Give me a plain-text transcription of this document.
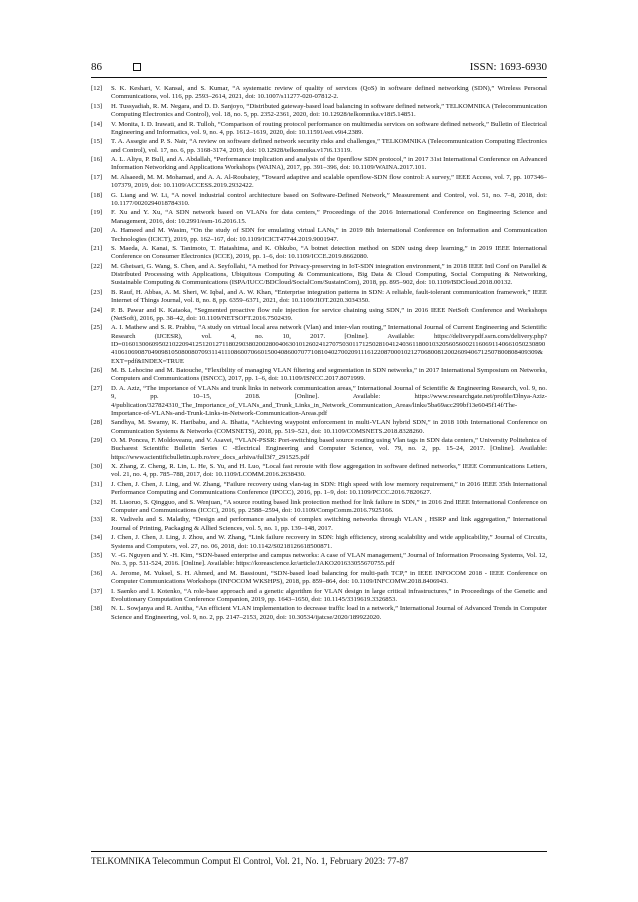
86	ISSN: 1693-6930
[12]	S. K. Keshari, V. Kansal, and S. Kumar, “A systematic review of quality of services (QoS) in software defined networking (SDN),” Wireless Personal Communications, vol. 116, pp. 2593–2614, 2021, doi: 10.1007/s11277-020-07812-2.
[13]	H. Tussyadiah, R. M. Negara, and D. D. Sanjoyo, “Distributed gateway-based load balancing in software defined network,” TELKOMNIKA (Telecommunication Computing Electronics and Control), vol. 18, no. 5, pp. 2352-2361, 2020, doi: 10.12928/telkomnika.v18i5.14851.
[14]	V. Monita, I. D. Irawati, and R. Tulloh, “Comparison of routing protocol performance on multimedia services on software defined network,” Bulletin of Electrical Engineering and Informatics, vol. 9, no. 4, pp. 1612–1619, 2020, doi: 10.11591/eei.v9i4.2389.
[15]	T. A. Assegie and P. S. Nair, “A review on software defined network security risks and challenges,” TELKOMNIKA (Telecommunication Computing Electronics and Control), vol. 17, no. 6, pp. 3168-3174, 2019, doi: 10.12928/telkomnika.v17i6.13119.
[16]	A. L. Aliyu, P. Bull, and A. Abdallah, “Performance implication and analysis of the 0penflow SDN protocol,” in 2017 31st International Conference on Advanced Information Networking and Applications Workshops (WAINA), 2017, pp. 391–396, doi: 10.1109/WAINA.2017.101.
[17]	M. Alsaeedi, M. M. Mohamad, and A. A. Al-Roubaiey, “Toward adaptive and scalable openflow-SDN flow control: A survey,” IEEE Access, vol. 7, pp. 107346–107379, 2019, doi: 10.1109/ACCESS.2019.2932422.
[18]	G. Liang and W. Li, “A novel industrial control architecture based on Software-Defined Network,” Measurement and Control, vol. 51, no. 7–8, 2018, doi: 10.1177/0020294018784310.
[19]	F. Xu and Y. Xu, “A SDN network based on VLANs for data centers,” Proceedings of the 2016 International Conference on Engineering Science and Management, 2016, doi: 10.2991/esm-16.2016.15.
[20]	A. Hameed and M. Wasim, “On the study of SDN for emulating virtual LANs,” in 2019 8th International Conference on Information and Communication Technologies (ICICT), 2019, pp. 162–167, doi: 10.1109/ICICT47744.2019.9001947.
[21]	S. Maeda, A. Kanai, S. Tanimoto, T. Hatashima, and K. Ohkubo, “A botnet detection method on SDN using deep learning,” in 2019 IEEE International Conference on Consumer Electronics (ICCE), 2019, pp. 1–6, doi: 10.1109/ICCE.2019.8662080.
[22]	M. Gheisari, G. Wang, S. Chen, and A. Seyfollahi, “A method for Privacy-preserving in IoT-SDN integration environment,” in 2018 IEEE Intl Conf on Parallel & Distributed Processing with Applications, Ubiquitous Computing & Communications, Big Data & Cloud Computing, Social Computing & Networking, Sustainable Computing & Communications (ISPA/IUCC/BDCloud/SocialCom/SustainCom), 2018, pp. 895–902, doi: 10.1109/BDCloud.2018.00132.
[23]	B. Rauf, H. Abbas, A. M. Sheri, W. Iqbal, and A. W. Khan, “Enterprise integration patterns in SDN: A reliable, fault-tolerant communication framework,” IEEE Internet of Things Journal, vol. 8, no. 8, pp. 6359–6371, 2021, doi: 10.1109/JIOT.2020.3034350.
[24]	P. B. Pawar and K. Kataoka, “Segmented proactive flow rule injection for service chaining using SDN,” in 2016 IEEE NetSoft Conference and Workshops (NetSoft), 2016, pp. 38–42, doi: 10.1109/NETSOFT.2016.7502439.
[25]	A. I. Mathew and S. R. Prabhu, “A study on virtual local area network (Vlan) and inter-vlan routing,” International Journal of Current Engineering and Scientific Research (IJCESR), vol. 4, no. 10, 2017. [Online]. Available: https://deliverypdf.ssrn.com/delivery.php?ID=016013006095021022094125120127118029038020028004063010126024127075030117125028104124036118001032056056002116069114066105023089041061069087049098105080080709311411108600706601500408600707710810402700209111612208700010212706800812002609406712507800808409309&EXT=pdf&INDEX=TRUE
[26]	M. B. Lehocine and M. Batouche, “Flexibility of managing VLAN filtering and segmentation in SDN networks,” in 2017 International Symposium on Networks, Computers and Communications (ISNCC), 2017, pp. 1–6, doi: 10.1109/ISNCC.2017.8071999.
[27]	D. A. Aziz, “The importance of VLANs and trunk links in network communication areas,” International Journal of Scientific & Engineering Research, vol. 9, no. 9, pp. 10–15, 2018. [Online]. Available: https://www.researchgate.net/profile/Dlnya-Aziz-4/publication/327824310_The_Importance_of_VLANs_and_Trunk_Links_in_Network_Communication_Areas/links/5ba69acc299bf13e6045f14f/The-Importance-of-VLANs-and-Trunk-Links-in-Network-Communication-Areas.pdf
[28]	Sandhya, M. Swamy, K. Haribabu, and A. Bhatia, “Achieving waypoint enforcement in multi-VLAN hybrid SDN,” in 2018 10th International Conference on Communication Systems & Networks (COMSNETS), 2018, pp. 519–521, doi: 10.1109/COMSNETS.2018.8328260.
[29]	O. M. Poncea, F. Moldoveanu, and V. Asavei, “VLAN-PSSR: Port-switching based source routing using Vlan tags in SDN data centers,” University Politehnica of Bucharest Scientific Bulletin Series C -Electrical Engineering and Computer Science, vol. 79, no. 2, pp. 15–24, 2017. [Online]. Available: https://www.scientificbulletin.upb.ro/rev_docs_arhiva/full3f7_291525.pdf
[30]	X. Zhang, Z. Cheng, R. Lin, L. He, S. Yu, and H. Luo, “Local fast reroute with flow aggregation in software defined networks,” IEEE Communications Letters, vol. 21, no. 4, pp. 785–788, 2017, doi: 10.1109/LCOMM.2016.2638430.
[31]	J. Chen, J. Chen, J. Ling, and W. Zhang, “Failure recovery using vlan-tag in SDN: High speed with low memory requirement,” in 2016 IEEE 35th International Performance Computing and Communications Conference (IPCCC), 2016, pp. 1–9, doi: 10.1109/PCCC.2016.7820627.
[32]	H. Liaoruo, S. Qingguo, and S. Wenjuan, “A source routing based link protection method for link failure in SDN,” in 2016 2nd IEEE International Conference on Computer and Communications (ICCC), 2016, pp. 2588–2594, doi: 10.1109/CompComm.2016.7925166.
[33]	R. Vadivelu and S. Malathy, “Design and performance analysis of complex switching networks through VLAN , HSRP and link aggregation,” International Journal of Printing, Packaging & Allied Sciences, vol. 5, no. 1, pp. 139–148, 2017.
[34]	J. Chen, J. Chen, J. Ling, J. Zhou, and W. Zhang, “Link failure recovery in SDN: high efficiency, strong scalability and wide applicability,” Journal of Circuits, Systems and Computers, vol. 27, no. 06, 2018, doi: 10.1142/S0218126618500871.
[35]	V. -G. Nguyen and Y. -H. Kim, “SDN-based enterprise and campus networks: A case of VLAN management,” Journal of Information Processing Systems, Vol. 12, No. 3, pp. 511-524, 2016. [Online]. Available: https://koreascience.kr/article/JAKO201633055670755.pdf
[36]	A. Jerome, M. Yuksel, S. H. Ahmed, and M. Bassiouni, “SDN-based load balancing for multi-path TCP,” in IEEE INFOCOM 2018 - IEEE Conference on Computer Communications Workshops (INFOCOM WKSHPS), 2018, pp. 859–864, doi: 10.1109/INFCOMW.2018.8406943.
[37]	I. Saenko and I. Kotenko, “A role-base approach and a genetic algorithm for VLAN design in large critical infrastructures,” in Proceedings of the Genetic and Evolutionary Computation Conference Companion, 2019, pp. 1643–1650, doi: 10.1145/3319619.3326853.
[38]	N. L. Sowjanya and R. Anitha, “An efficient VLAN implementation to decrease traffic load in a network,” International Journal of Advanced Trends in Computer Science and Engineering, vol. 9, no. 2, pp. 2147–2153, 2020, doi: 10.30534/ijatcse/2020/189922020.
TELKOMNIKA Telecommun Comput El Control, Vol. 21, No. 1, February 2023: 77-87
